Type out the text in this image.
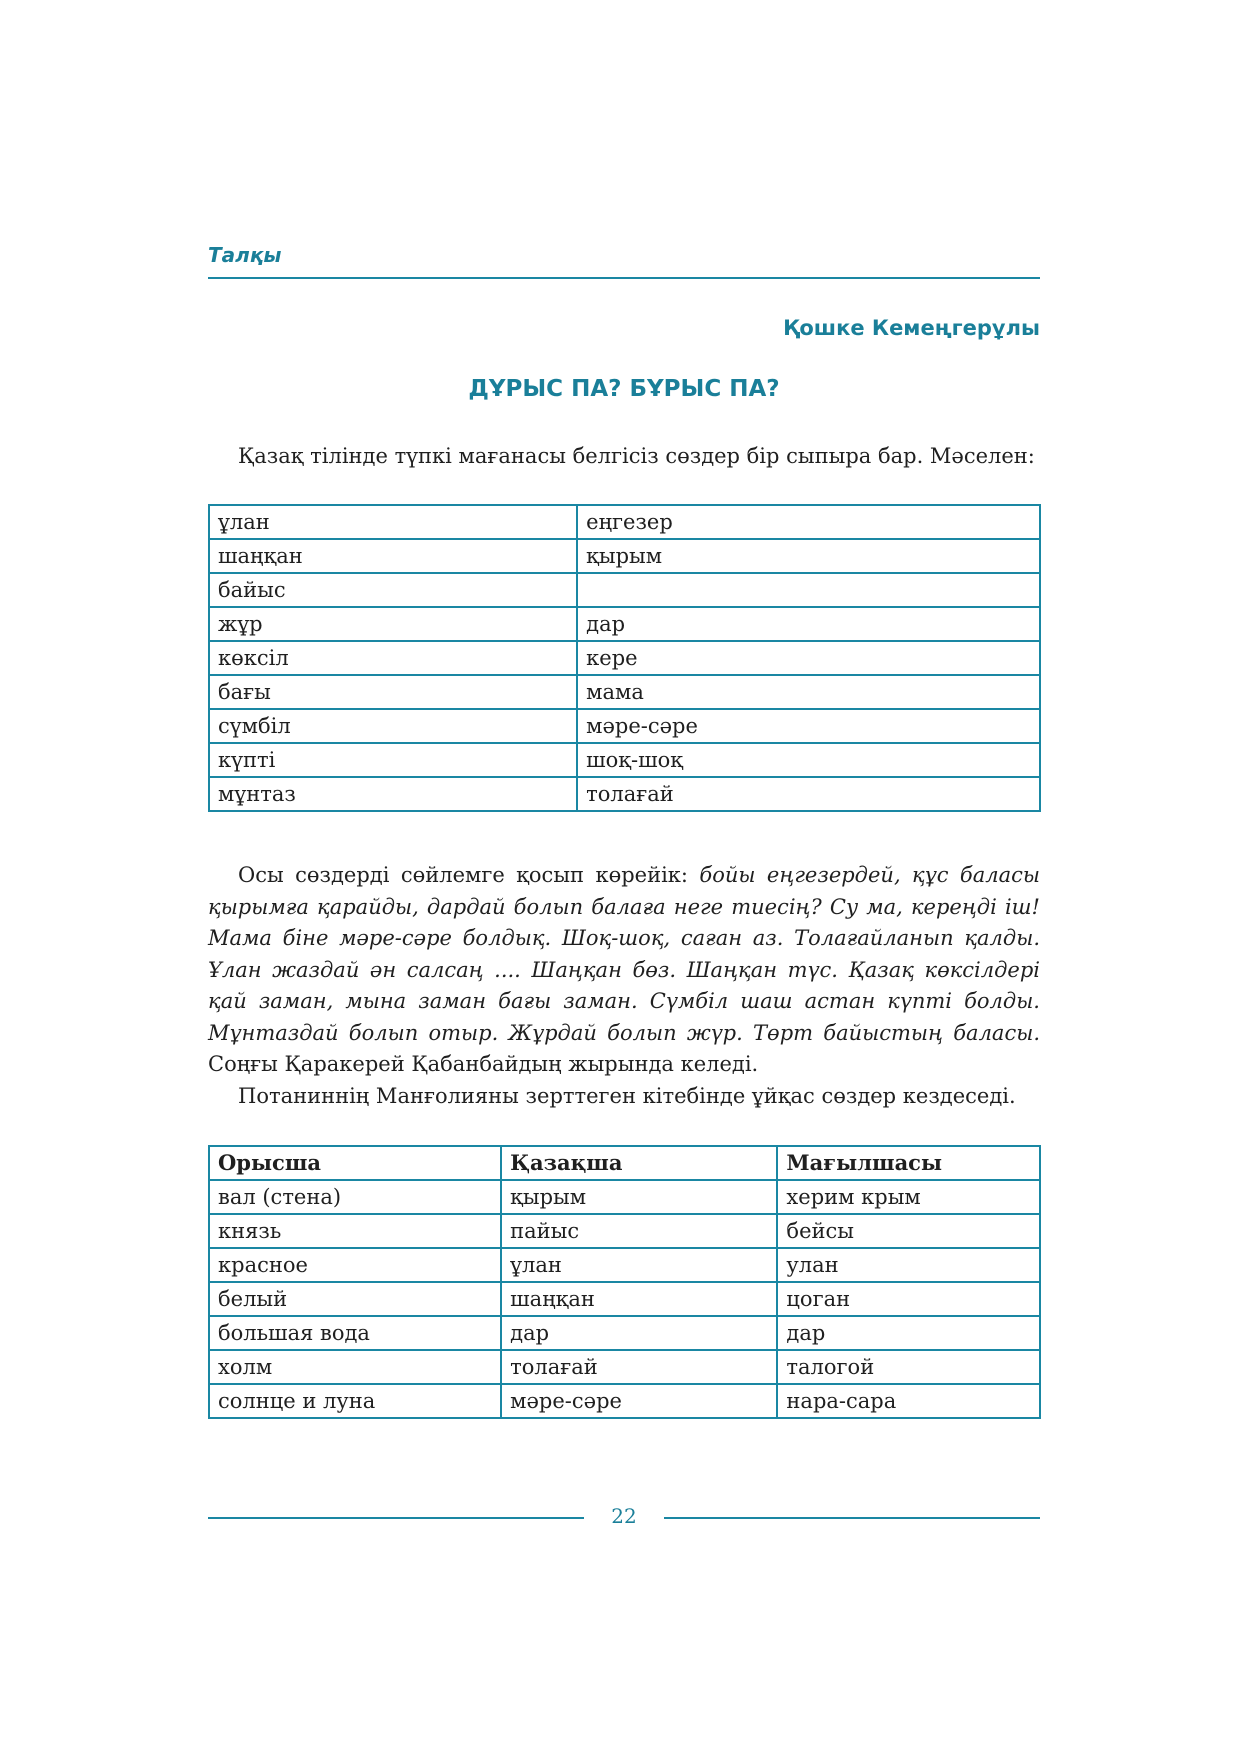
Талқы
Қошке Кемеңгерұлы
ДҰРЫС ПА? БҰРЫС ПА?
Қазақ тілінде түпкі мағанасы белгісіз сөздер бір сыпыра бар. Мәселен:
ұлан	еңгезер
шаңқан	қырым
байыс	
жұр	дар
көксіл	кере
бағы	мама
сүмбіл	мәре-сәре
күпті	шоқ-шоқ
мұнтаз	толағай

Осы сөздерді сөйлемге қосып көрейік: бойы еңгезердей, құс баласы қырымға қарайды, дардай болып балаға неге тиесің? Су ма, кереңді іш! Мама біне мәре-сәре болдық. Шоқ-шоқ, саған аз. Толағайланып қалды. Ұлан жаздай ән салсаң .... Шаңқан бөз. Шаңқан түс. Қазақ көксілдері қай заман, мына заман бағы заман. Сүмбіл шаш астан күпті болды. Мұнтаздай болып отыр. Жұрдай болып жүр. Төрт байыстың баласы. Соңғы Қаракерей Қабанбайдың жырында келеді.

Потаниннің Манғолияны зерттеген кітебінде ұйқас сөздер кездеседі.

Орысша	Қазақша	Мағылшасы
вал (стена)	қырым	херим крым
князь	пайыс	бейсы
красное	ұлан	улан
белый	шаңқан	цоган
большая вода	дар	дар
холм	толағай	талогой
солнце и луна	мәре-сәре	нара-сара
22
